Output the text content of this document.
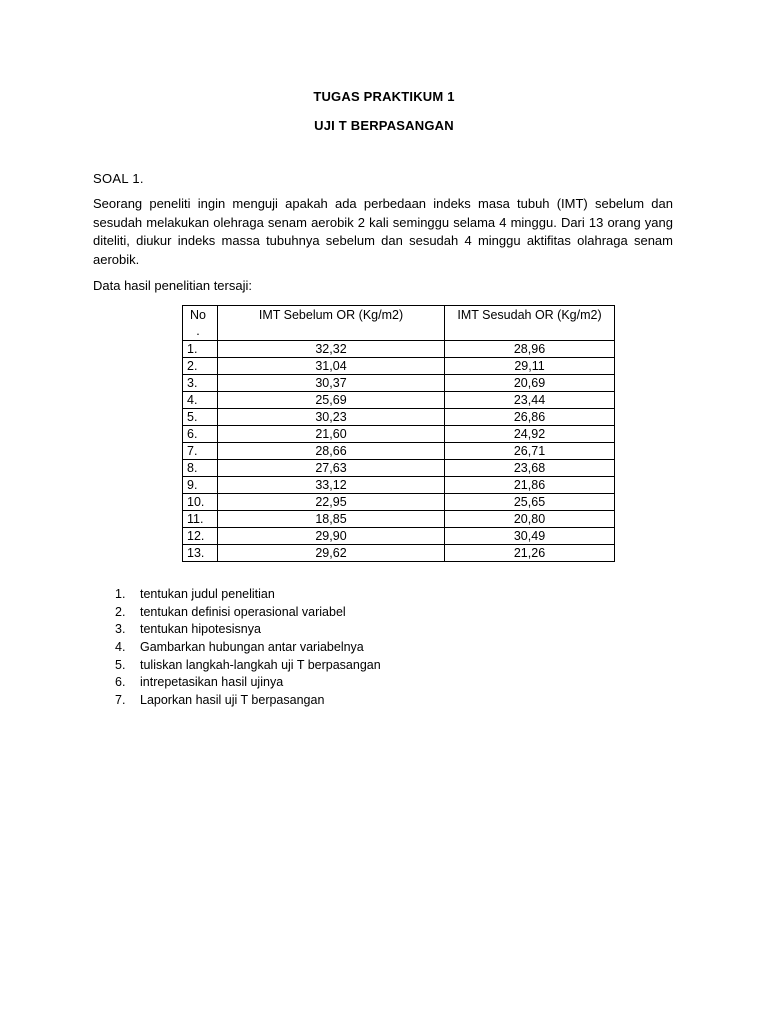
TUGAS PRAKTIKUM 1
UJI T BERPASANGAN
SOAL 1.

Seorang peneliti ingin menguji apakah ada perbedaan indeks masa tubuh (IMT) sebelum dan sesudah melakukan olehraga senam aerobik 2 kali seminggu selama 4 minggu. Dari 13 orang yang diteliti, diukur indeks massa tubuhnya sebelum dan sesudah 4 minggu aktifitas olahraga senam aerobik.

Data hasil penelitian tersaji:
No .	IMT Sebelum OR (Kg/m2)	IMT Sesudah OR (Kg/m2)
1.	32,32	28,96
2.	31,04	29,11
3.	30,37	20,69
4.	25,69	23,44
5.	30,23	26,86
6.	21,60	24,92
7.	28,66	26,71
8.	27,63	23,68
9.	33,12	21,86
10.	22,95	25,65
11.	18,85	20,80
12.	29,90	30,49
13.	29,62	21,26
1.	tentukan judul penelitian
2.	tentukan definisi operasional variabel
3.	tentukan hipotesisnya
4.	Gambarkan hubungan antar variabelnya
5.	tuliskan langkah-langkah uji T berpasangan
6.	intrepetasikan hasil ujinya
7.	Laporkan hasil uji T berpasangan
